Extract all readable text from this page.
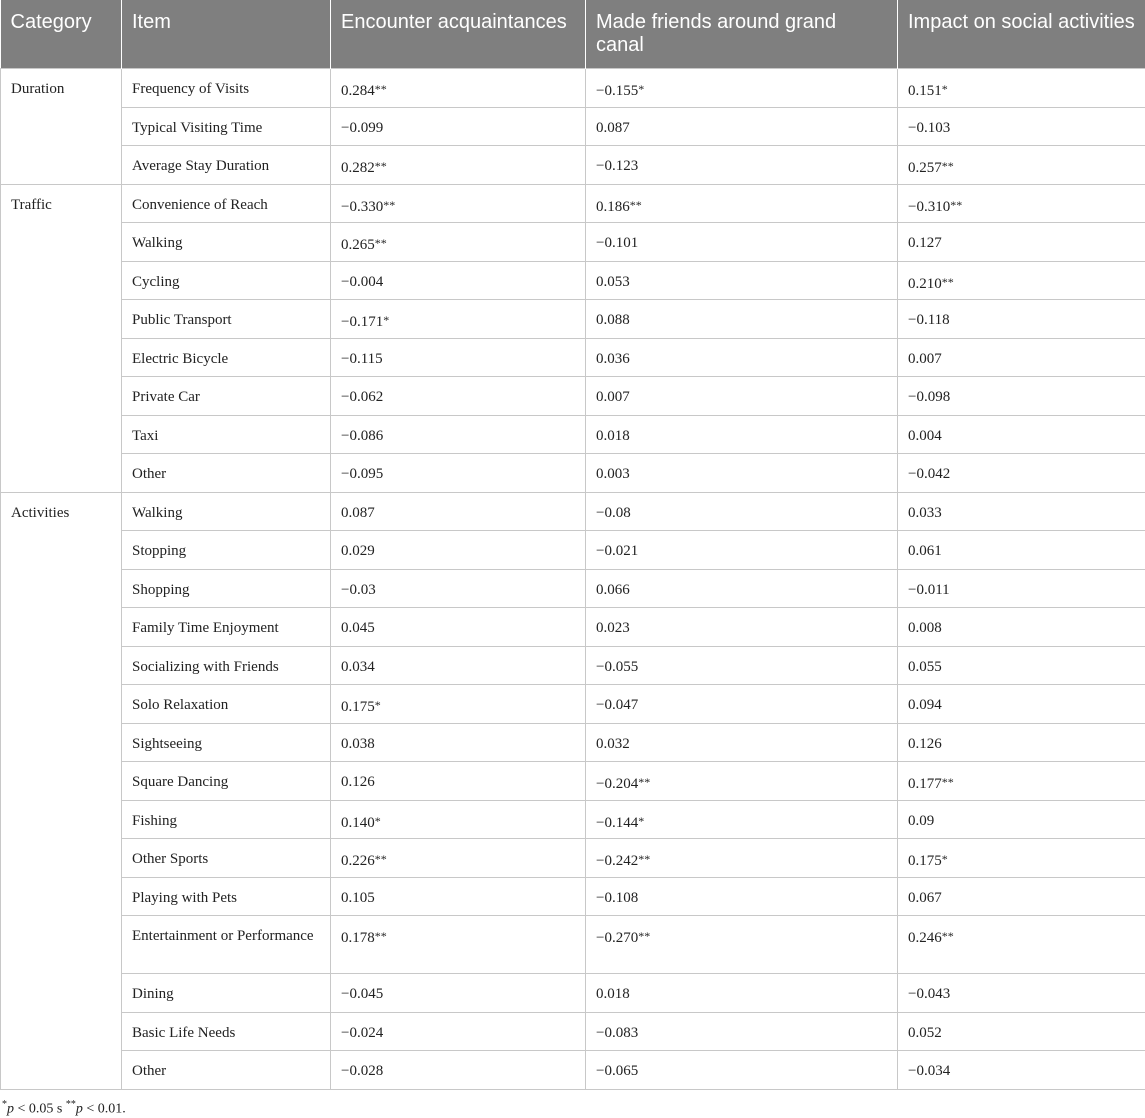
Category	Item	Encounter acquaintances	Made friends around grand canal	Impact on social activities
Duration	Frequency of Visits	0.284**	−0.155*	0.151*
	Typical Visiting Time	−0.099	0.087	−0.103
	Average Stay Duration	0.282**	−0.123	0.257**
Traffic	Convenience of Reach	−0.330**	0.186**	−0.310**
	Walking	0.265**	−0.101	0.127
	Cycling	−0.004	0.053	0.210**
	Public Transport	−0.171*	0.088	−0.118
	Electric Bicycle	−0.115	0.036	0.007
	Private Car	−0.062	0.007	−0.098
	Taxi	−0.086	0.018	0.004
	Other	−0.095	0.003	−0.042
Activities	Walking	0.087	−0.08	0.033
	Stopping	0.029	−0.021	0.061
	Shopping	−0.03	0.066	−0.011
	Family Time Enjoyment	0.045	0.023	0.008
	Socializing with Friends	0.034	−0.055	0.055
	Solo Relaxation	0.175*	−0.047	0.094
	Sightseeing	0.038	0.032	0.126
	Square Dancing	0.126	−0.204**	0.177**
	Fishing	0.140*	−0.144*	0.09
	Other Sports	0.226**	−0.242**	0.175*
	Playing with Pets	0.105	−0.108	0.067
	Entertainment or Performance	0.178**	−0.270**	0.246**
	Dining	−0.045	0.018	−0.043
	Basic Life Needs	−0.024	−0.083	0.052
	Other	−0.028	−0.065	−0.034
*p < 0.05 s **p < 0.01.
